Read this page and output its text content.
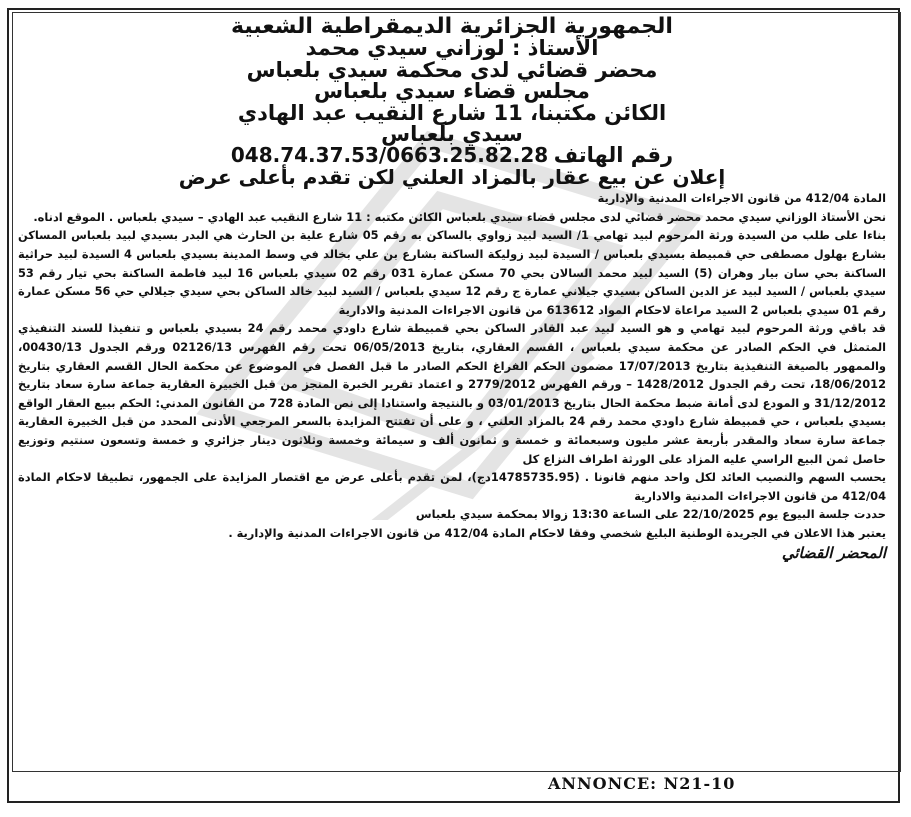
الجمهورية الجزائرية الديمقراطية الشعبية
الأستاذ : لوزاني سيدي محمد
محضر قضائي لدى محكمة سيدي بلعباس
مجلس قضاء سيدي بلعباس
الكائن مكتبنا، 11 شارع النقيب عبد الهادي
سيدي بلعباس
رقم الهاتف 048.74.37.53/0663.25.82.28
إعلان عن بيع عقار بالمزاد العلني لكن تقدم بأعلى عرض

المادة 412/04 من قانون الاجراءات المدنية والإدارية

نحن الأستاذ الوزاني سيدي محمد محضر قضائي لدى مجلس قضاء سيدي بلعباس الكائن مكتبه : 11 شارع النقيب عبد الهادي – سيدي بلعباس . الموقع ادناه.

بناءا على طلب من السيدة ورثة المرحوم لبيد تهامي 1/ السيد لبيد زواوي بالساكن به رقم 05 شارع علية بن الحارث هي البدر بسيدي لبيد بلعباس المساكن بشارع بهلول مصطفى حي قمبيطة بسيدي بلعباس / السيدة لبيد زوليكة الساكنة بشارع بن علي بخالد في وسط المدينة بسيدي بلعباس 4 السيدة لبيد حراثية الساكنة بحي سان بيار وهران (5) السيد لبيد محمد السالان بحي 70 مسكن عمارة 031 رقم 02 سيدي بلعباس 16 لبيد فاطمة الساكنة بحي تيار رقم 53 سيدي بلعباس / السيد لبيد عز الدين الساكن بسيدي جيلاني عمارة ج رقم 12 سيدي بلعباس / السيد لبيد خالد الساكن بحي سيدي جيلالي حي 56 مسكن عمارة رقم 01 سيدي بلعباس 2 السيد مراعاة لاحكام المواد 613612 من قانون الاجراءات المدنية والادارية

قد باقي ورثة المرحوم لبيد تهامي و هو السيد لبيد عبد القادر الساكن بحي قمبيطة شارع داودي محمد رقم 24 بسيدي بلعباس و تنفيذا للسند التنفيذي المتمثل في الحكم الصادر عن محكمة سيدي بلعباس ، القسم العقاري، بتاريخ 06/05/2013 تحت رقم الفهرس 02126/13 ورقم الجدول 00430/13، والممهور بالصيغة التنفيذية بتاريخ 17/07/2013 مضمون الحكم الفراغ الحكم الصادر ما قبل الفصل في الموضوع عن محكمة الحال القسم العقاري بتاريخ 18/06/2012، تحت رقم الجدول 1428/2012 – ورقم الفهرس 2779/2012 و اعتماد تقرير الخبرة المنجز من قبل الخبيرة العقارية جماعة سارة سعاد بتاريخ 31/12/2012 و المودع لدى أمانة ضبط محكمة الحال بتاريخ 03/01/2013 و بالنتيجة واستنادا إلى نص المادة 728 من القانون المدني: الحكم ببيع العقار الواقع بسيدي بلعباس ، حي قمبيطة شارع داودي محمد رقم 24 بالمزاد العلني ، و على أن تفتتح المزايدة بالسعر المرجعي الأدنى المحدد من قبل الخبيرة العقارية جماعة سارة سعاد والمقدر بأربعة عشر مليون وسبعمائة و خمسة و ثمانون ألف و سيمائة وخمسة وثلاثون دينار جزائري و خمسة وتسعون سنتيم وتوزيع حاصل ثمن البيع الراسي عليه المزاد على الورثة اطراف النزاع كل

يحسب السهم والنصيب العائد لكل واحد منهم قانونا . (14785735.95دج)، لمن تقدم بأعلى عرض مع اقتصار المزايدة على الجمهور، تطبيقا لاحكام المادة 412/04 من قانون الاجراءات المدنية والادارية

حددت جلسة البيوع يوم 22/10/2025 على الساعة 13:30 زوالا بمحكمة سيدي بلعباس

يعتبر هذا الاعلان في الجريدة الوطنية البليغ شخصي وفقا لاحكام المادة 412/04 من قانون الاجراءات المدنية والإدارية .

المحضر القضائي
ANNONCE: N21-10
